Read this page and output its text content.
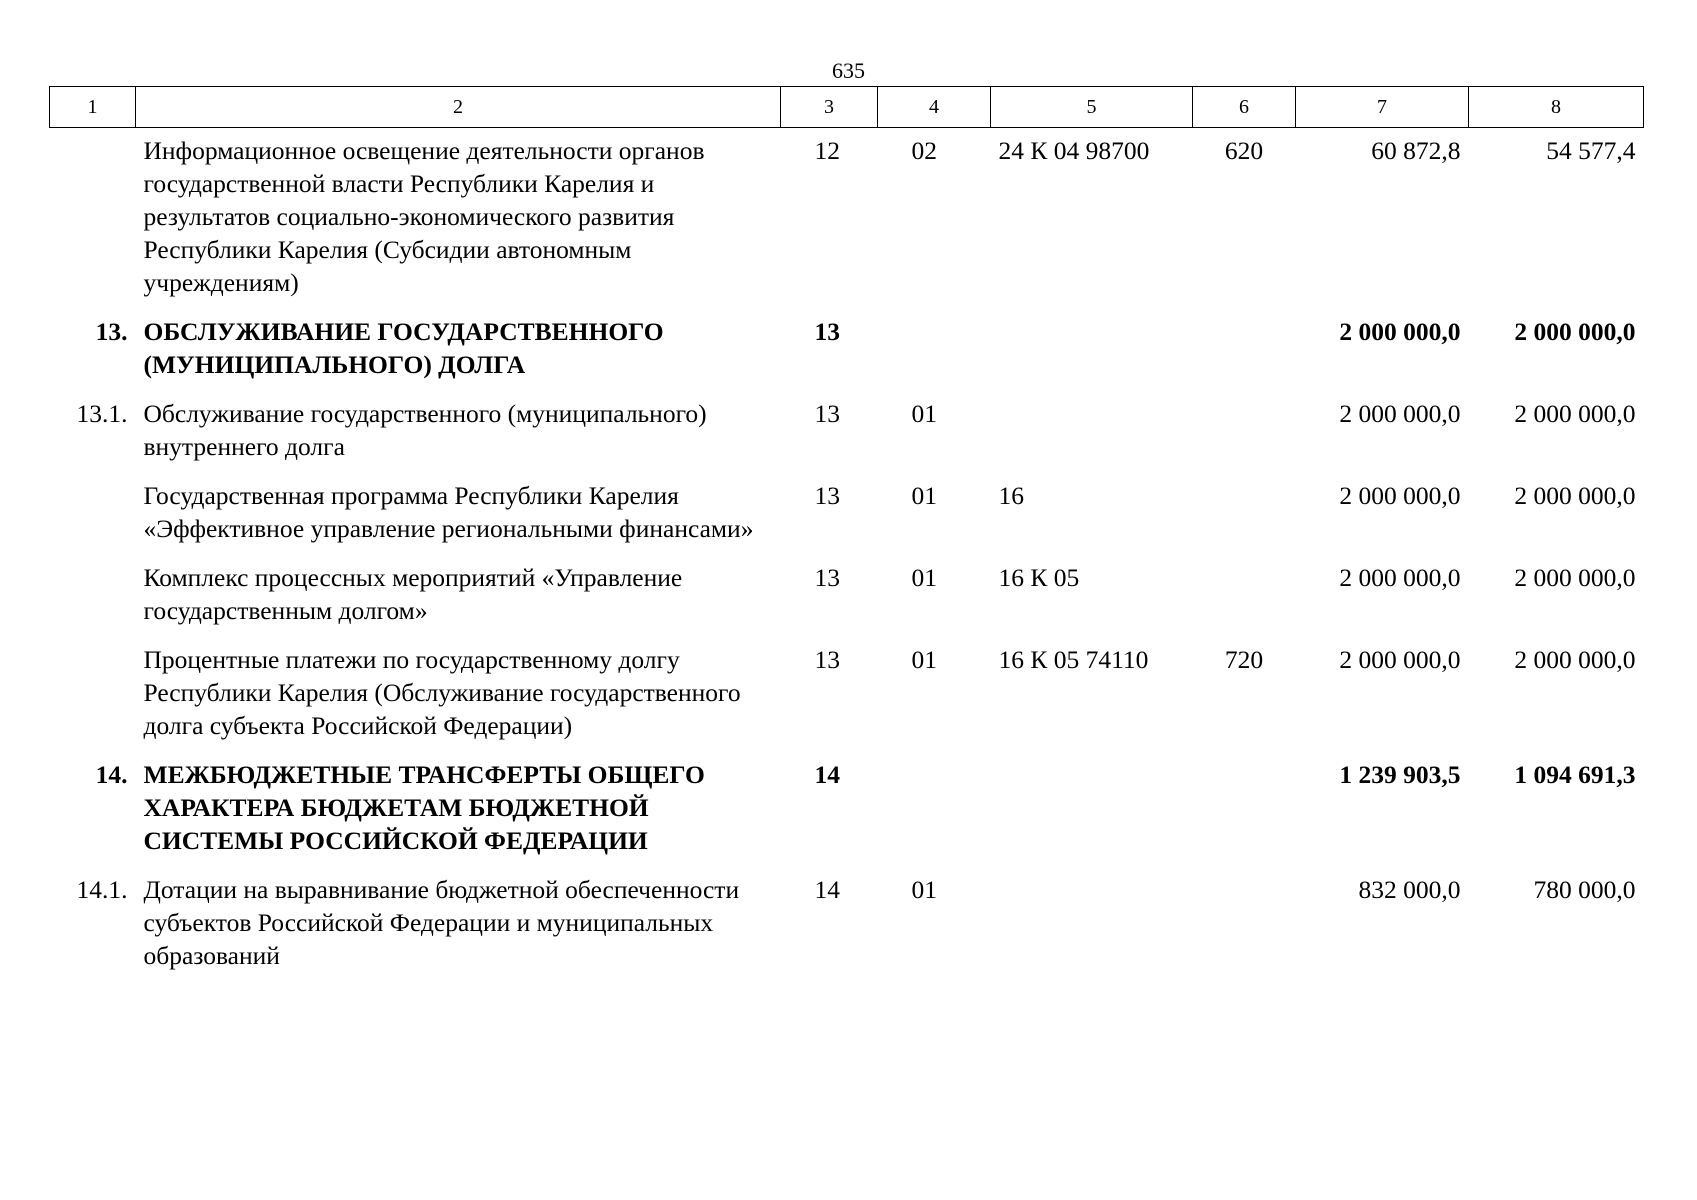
635
1	2	3	4	5	6	7	8
	Информационное освещение деятельности органов государственной власти Республики Карелия и результатов социально-экономического развития Республики Карелия (Субсидии автономным учреждениям)	12	02	24 К 04 98700	620	60 872,8	54 577,4
13.	ОБСЛУЖИВАНИЕ ГОСУДАРСТВЕННОГО (МУНИЦИПАЛЬНОГО) ДОЛГА	13				2 000 000,0	2 000 000,0
13.1.	Обслуживание государственного (муниципального) внутреннего долга	13	01			2 000 000,0	2 000 000,0
	Государственная программа Республики Карелия «Эффективное управление региональными финансами»	13	01	16		2 000 000,0	2 000 000,0
	Комплекс процессных мероприятий «Управление государственным долгом»	13	01	16 К 05		2 000 000,0	2 000 000,0
	Процентные платежи по государственному долгу Республики Карелия (Обслуживание государственного долга субъекта Российской Федерации)	13	01	16 К 05 74110	720	2 000 000,0	2 000 000,0
14.	МЕЖБЮДЖЕТНЫЕ ТРАНСФЕРТЫ ОБЩЕГО ХАРАКТЕРА БЮДЖЕТАМ БЮДЖЕТНОЙ СИСТЕМЫ РОССИЙСКОЙ ФЕДЕРАЦИИ	14				1 239 903,5	1 094 691,3
14.1.	Дотации на выравнивание бюджетной обеспеченности субъектов Российской Федерации и муниципальных образований	14	01			832 000,0	780 000,0
